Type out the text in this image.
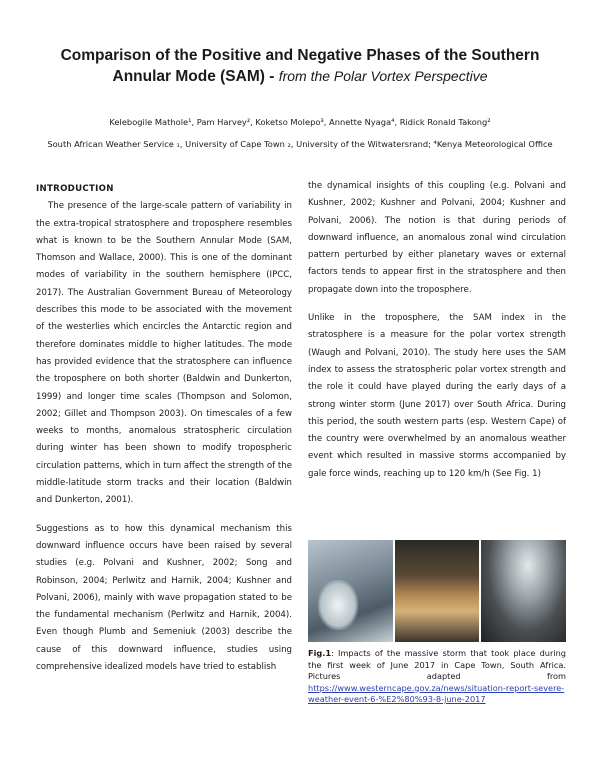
Comparison of the Positive and Negative Phases of the Southern
Annular Mode (SAM) - from the Polar Vortex Perspective
Kelebogile Mathole¹, Pam Harvey², Koketso Molepo³, Annette Nyaga⁴, Ridick Ronald Takong²
South African Weather Service ₁, University of Cape Town ₂, University of the Witwatersrand; ⁴Kenya Meteorological Office

INTRODUCTION

The presence of the large-scale pattern of variability in the extra-tropical stratosphere and troposphere resembles what is known to be the Southern Annular Mode (SAM, Thomson and Wallace, 2000). This is one of the dominant modes of variability in the southern hemisphere (IPCC, 2017). The Australian Government Bureau of Meteorology describes this mode to be associated with the movement of the westerlies which encircles the Antarctic region and therefore dominates middle to higher latitudes. The mode has provided evidence that the stratosphere can influence the troposphere on both shorter (Baldwin and Dunkerton, 1999) and longer time scales (Thompson and Solomon, 2002; Gillet and Thompson 2003). On timescales of a few weeks to months, anomalous stratospheric circulation during winter has been shown to modify tropospheric circulation patterns, which in turn affect the strength of the middle-latitude storm tracks and their location (Baldwin and Dunkerton, 2001).

Suggestions as to how this dynamical mechanism this downward influence occurs have been raised by several studies (e.g. Polvani and Kushner, 2002; Song and Robinson, 2004; Perlwitz and Harnik, 2004; Kushner and Polvani, 2006), mainly with wave propagation stated to be the fundamental mechanism (Perlwitz and Harnik, 2004). Even though Plumb and Semeniuk (2003) describe the cause of this downward influence, studies using comprehensive idealized models have tried to establish

the dynamical insights of this coupling (e.g. Polvani and Kushner, 2002; Kushner and Polvani, 2004; Kushner and Polvani, 2006). The notion is that during periods of downward influence, an anomalous zonal wind circulation pattern perturbed by either planetary waves or external factors tends to appear first in the stratosphere and then propagate down into the troposphere.

Unlike in the troposphere, the SAM index in the stratosphere is a measure for the polar vortex strength (Waugh and Polvani, 2010). The study here uses the SAM index to assess the stratospheric polar vortex strength and the role it could have played during the early days of a strong winter storm (June 2017) over South Africa. During this period, the south western parts (esp. Western Cape) of the country were overwhelmed by an anomalous weather event which resulted in massive storms accompanied by gale force winds, reaching up to 120 km/h (See Fig. 1)

Fig.1: Impacts of the massive storm that took place during the first week of June 2017 in Cape Town, South Africa. Pictures adapted from https://www.westerncape.gov.za/news/situation-report-severe-weather-event-6-%E2%80%93-8-june-2017
